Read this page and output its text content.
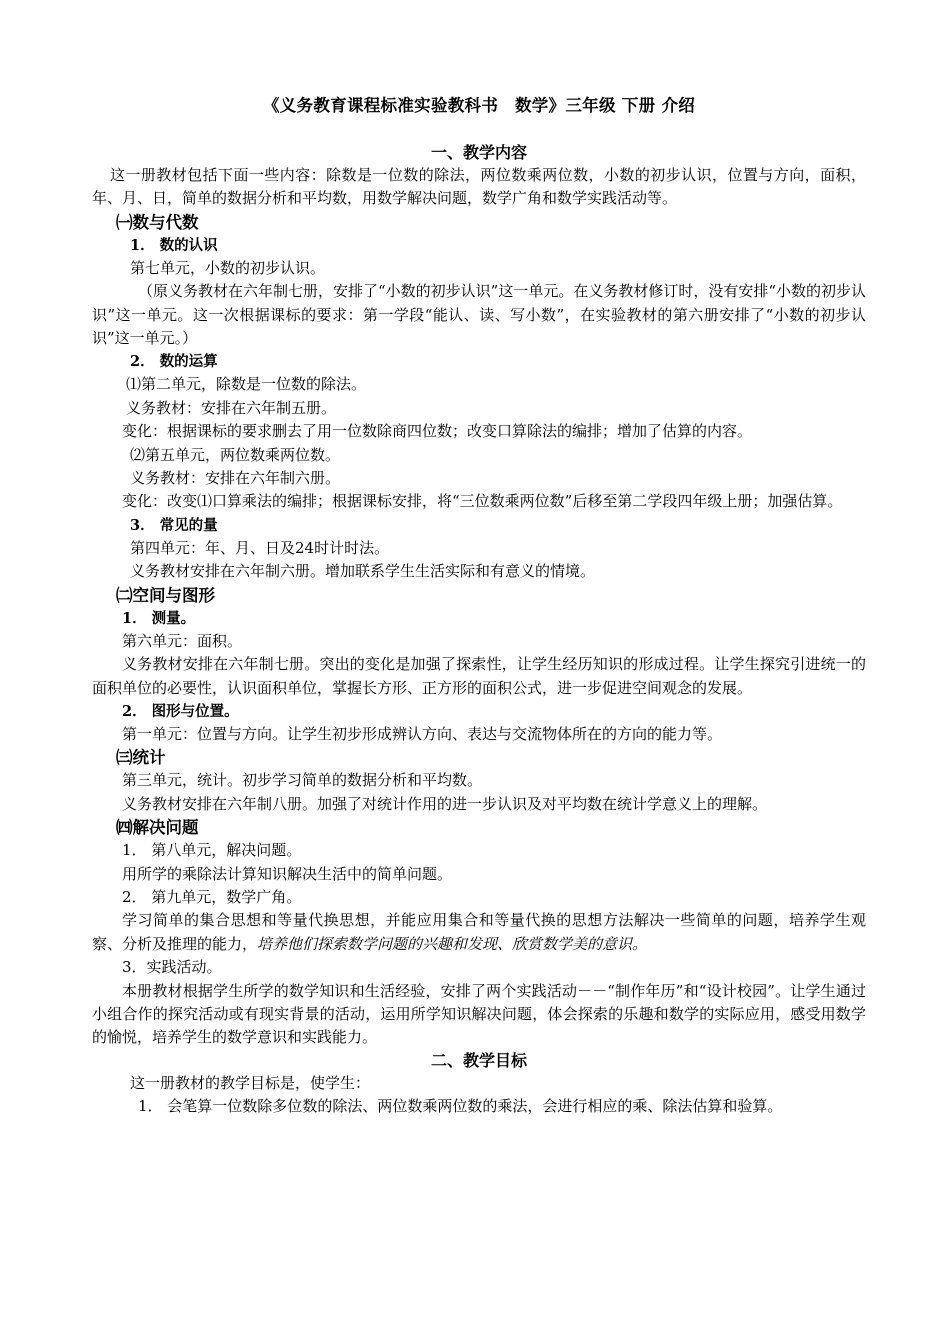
《义务教育课程标准实验教科书　数学》三年级 下册 介绍
一、教学内容

这一册教材包括下面一些内容：除数是一位数的除法，两位数乘两位数，小数的初步认识，位置与方向，面积，年、月、日，简单的数据分析和平均数，用数学解决问题，数学广角和数学实践活动等。

㈠数与代数
1． 数的认识

第七单元，小数的初步认识。

（原义务教材在六年制七册，安排了“小数的初步认识”这一单元。在义务教材修订时，没有安排“小数的初步认识”这一单元。这一次根据课标的要求：第一学段“能认、读、写小数”，在实验教材的第六册安排了“小数的初步认识”这一单元。）

2． 数的运算

⑴第二单元，除数是一位数的除法。

义务教材：安排在六年制五册。

变化：根据课标的要求删去了用一位数除商四位数；改变口算除法的编排；增加了估算的内容。

⑵第五单元，两位数乘两位数。

义务教材：安排在六年制六册。

变化：改变⑴口算乘法的编排；根据课标安排，将“三位数乘两位数”后移至第二学段四年级上册；加强估算。

3． 常见的量

第四单元：年、月、日及24时计时法。

义务教材安排在六年制六册。增加联系学生生活实际和有意义的情境。

㈡空间与图形
1． 测量。

第六单元：面积。

义务教材安排在六年制七册。突出的变化是加强了探索性，让学生经历知识的形成过程。让学生探究引进统一的面积单位的必要性，认识面积单位，掌握长方形、正方形的面积公式，进一步促进空间观念的发展。

2． 图形与位置。

第一单元：位置与方向。让学生初步形成辨认方向、表达与交流物体所在的方向的能力等。

㈢统计

第三单元，统计。初步学习简单的数据分析和平均数。

义务教材安排在六年制八册。加强了对统计作用的进一步认识及对平均数在统计学意义上的理解。

㈣解决问题

1． 第八单元，解决问题。

用所学的乘除法计算知识解决生活中的简单问题。

2． 第九单元，数学广角。

学习简单的集合思想和等量代换思想，并能应用集合和等量代换的思想方法解决一些简单的问题，培养学生观察、分析及推理的能力，培养他们探索数学问题的兴趣和发现、欣赏数学美的意识。

3．实践活动。

本册教材根据学生所学的数学知识和生活经验，安排了两个实践活动－－“制作年历”和“设计校园”。让学生通过小组合作的探究活动或有现实背景的活动，运用所学知识解决问题，体会探索的乐趣和数学的实际应用，感受用数学的愉悦，培养学生的数学意识和实践能力。

二、教学目标

这一册教材的教学目标是，使学生：

1． 会笔算一位数除多位数的除法、两位数乘两位数的乘法，会进行相应的乘、除法估算和验算。
